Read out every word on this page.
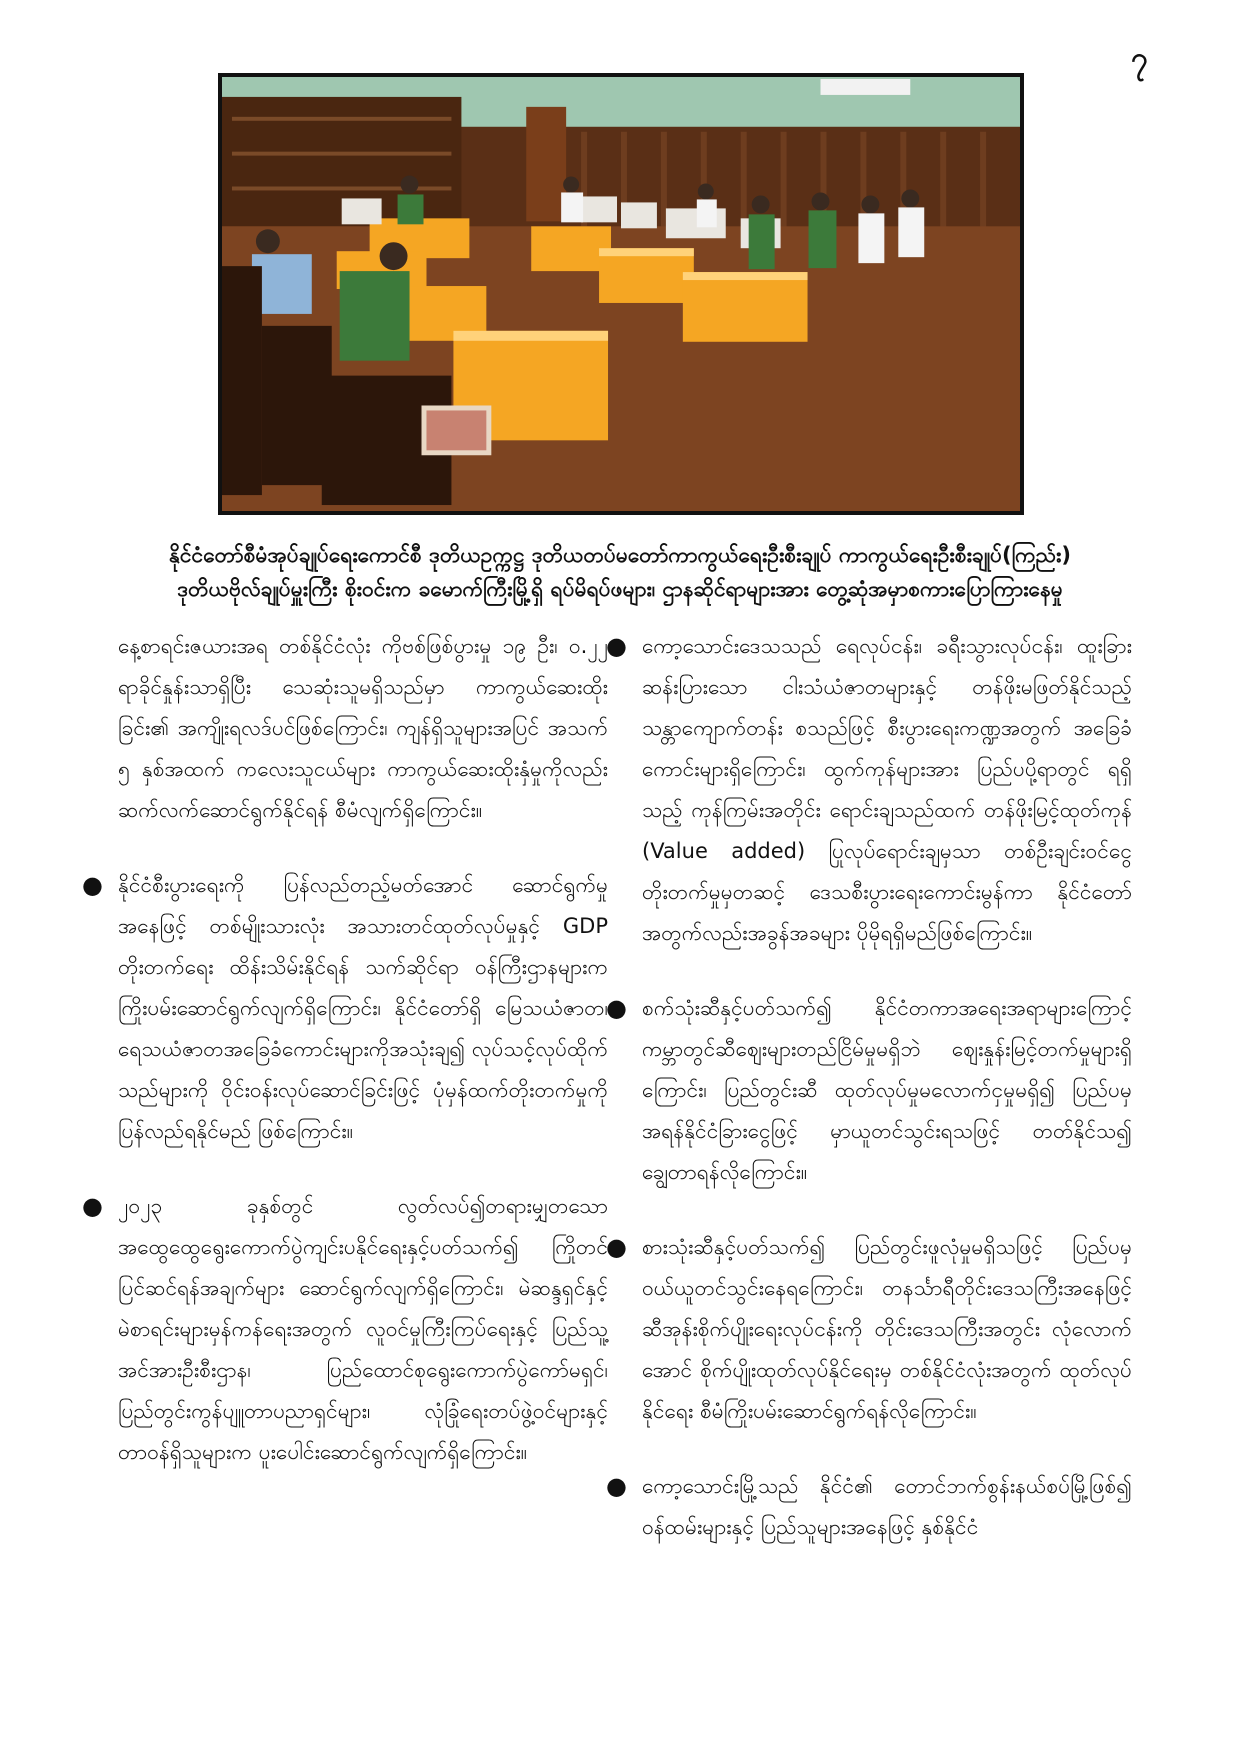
၇
နိုင်ငံတော်စီမံအုပ်ချုပ်ရေးကောင်စီ ဒုတိယဥက္ကဋ္ဌ ဒုတိယတပ်မတော်ကာကွယ်ရေးဦးစီးချုပ် ကာကွယ်ရေးဦးစီးချုပ်(ကြည်း)
ဒုတိယဗိုလ်ချုပ်မှူးကြီး စိုးဝင်းက ခမောက်ကြီးမြို့ရှိ ရပ်မိရပ်ဖများ၊ ဌာနဆိုင်ရာများအား တွေ့ဆုံအမှာစကားပြောကြားနေမှု
နေ့စာရင်းဇယားအရ တစ်နိုင်ငံလုံး ကိုဗစ်ဖြစ်ပွားမှု ၁၉ ဦး၊ ဝ.၂၂ ရာခိုင်နှုန်းသာရှိပြီး သေဆုံးသူမရှိသည်မှာ ကာကွယ်ဆေးထိုးခြင်း၏ အကျိုးရလဒ်ပင်ဖြစ်ကြောင်း၊ ကျန်ရှိသူများအပြင် အသက် ၅ နှစ်အထက် ကလေးသူငယ်များ ကာကွယ်ဆေးထိုးနှံမှုကိုလည်း ဆက်လက်ဆောင်ရွက်နိုင်ရန် စီမံလျက်ရှိကြောင်း။
● နိုင်ငံစီးပွားရေးကို ပြန်လည်တည့်မတ်အောင် ဆောင်ရွက်မှုအနေဖြင့် တစ်မျိုးသားလုံး အသားတင်ထုတ်လုပ်မှုနှင့် GDP တိုးတက်ရေး ထိန်းသိမ်းနိုင်ရန် သက်ဆိုင်ရာ ဝန်ကြီးဌာနများက ကြိုးပမ်းဆောင်ရွက်လျက်ရှိကြောင်း၊ နိုင်ငံတော်ရှိ မြေသယံဇာတ၊ ရေသယံဇာတအခြေခံကောင်းများကိုအသုံးချ၍ လုပ်သင့်လုပ်ထိုက်သည်များကို ဝိုင်းဝန်းလုပ်ဆောင်ခြင်းဖြင့် ပုံမှန်ထက်တိုးတက်မှုကို ပြန်လည်ရနိုင်မည် ဖြစ်ကြောင်း။
● ၂၀၂၃ ခုနှစ်တွင် လွတ်လပ်၍တရားမျှတသော အထွေထွေရွေးကောက်ပွဲကျင်းပနိုင်ရေးနှင့်ပတ်သက်၍ ကြိုတင်ပြင်ဆင်ရန်အချက်များ ဆောင်ရွက်လျက်ရှိကြောင်း၊ မဲဆန္ဒရှင်နှင့် မဲစာရင်းများမှန်ကန်ရေးအတွက် လူဝင်မှုကြီးကြပ်ရေးနှင့် ပြည်သူ့အင်အားဦးစီးဌာန၊ ပြည်ထောင်စုရွေးကောက်ပွဲကော်မရှင်၊ ပြည်တွင်းကွန်ပျူတာပညာရှင်များ၊ လုံခြုံရေးတပ်ဖွဲ့ဝင်များနှင့် တာဝန်ရှိသူများက ပူးပေါင်းဆောင်ရွက်လျက်ရှိကြောင်း။
● ကော့သောင်းဒေသသည် ရေလုပ်ငန်း၊ ခရီးသွားလုပ်ငန်း၊ ထူးခြားဆန်းပြားသော ငါးသံယံဇာတများနှင့် တန်ဖိုးမဖြတ်နိုင်သည့် သန္တာကျောက်တန်း စသည်ဖြင့် စီးပွားရေးကဏ္ဍအတွက် အခြေခံကောင်းများရှိကြောင်း၊ ထွက်ကုန်များအား ပြည်ပပို့ရာတွင် ရရှိသည့် ကုန်ကြမ်းအတိုင်း ရောင်းချသည်ထက် တန်ဖိုးမြင့်ထုတ်ကုန် (Value added) ပြုလုပ်ရောင်းချမှသာ တစ်ဦးချင်းဝင်ငွေတိုးတက်မှုမှတဆင့် ဒေသစီးပွားရေးကောင်းမွန်ကာ နိုင်ငံတော်အတွက်လည်းအခွန်အခများ ပိုမိုရရှိမည်ဖြစ်ကြောင်း။
● စက်သုံးဆီနှင့်ပတ်သက်၍ နိုင်ငံတကာအရေးအရာများကြောင့် ကမ္ဘာတွင်ဆီဈေးများတည်ငြိမ်မှုမရှိဘဲ ဈေးနှုန်းမြင့်တက်မှုများရှိကြောင်း၊ ပြည်တွင်းဆီ ထုတ်လုပ်မှုမလောက်ငှမှုမရှိ၍ ပြည်ပမှ အရန်နိုင်ငံခြားငွေဖြင့် မှာယူတင်သွင်းရသဖြင့် တတ်နိုင်သ၍ ချွေတာရန်လိုကြောင်း။
● စားသုံးဆီနှင့်ပတ်သက်၍ ပြည်တွင်းဖူလုံမှုမရှိသဖြင့် ပြည်ပမှ ဝယ်ယူတင်သွင်းနေရကြောင်း၊ တနင်္သာရီတိုင်းဒေသကြီးအနေဖြင့် ဆီအုန်းစိုက်ပျိုးရေးလုပ်ငန်းကို တိုင်းဒေသကြီးအတွင်း လုံလောက်အောင် စိုက်ပျိုးထုတ်လုပ်နိုင်ရေးမှ တစ်နိုင်ငံလုံးအတွက် ထုတ်လုပ်နိုင်ရေး စီမံကြိုးပမ်းဆောင်ရွက်ရန်လိုကြောင်း။
● ကော့သောင်းမြို့သည် နိုင်ငံ၏ တောင်ဘက်စွန်းနယ်စပ်မြို့ဖြစ်၍ ဝန်ထမ်းများနှင့် ပြည်သူများအနေဖြင့် နှစ်နိုင်ငံ
